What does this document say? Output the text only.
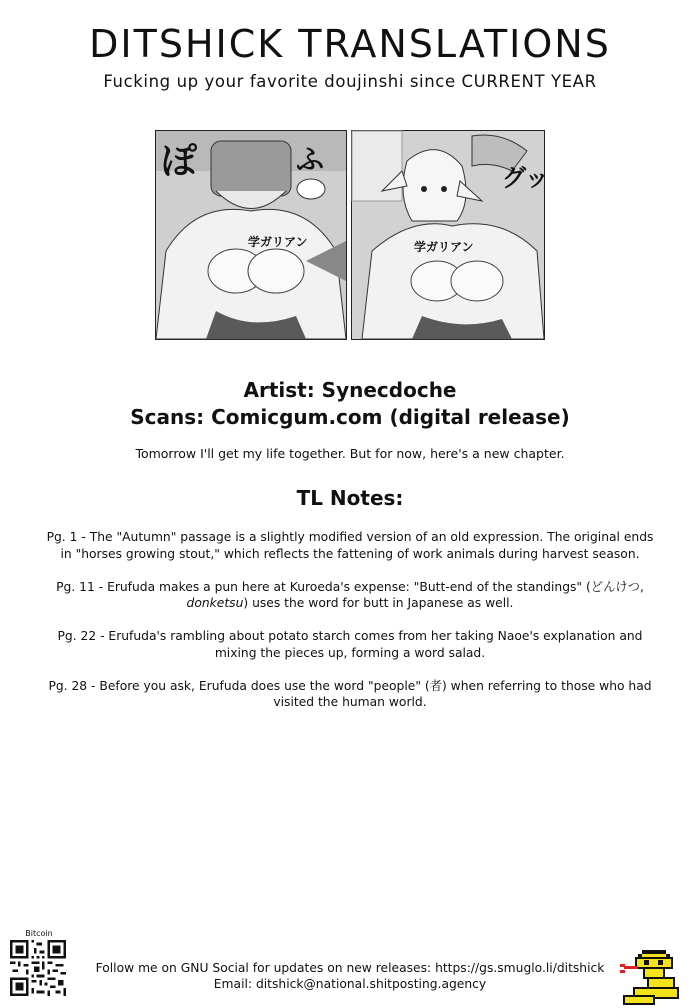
DITSHICK TRANSLATIONS
Fucking up your favorite doujinshi since CURRENT YEAR
学ガリアン
ぽ	ふ
学ガリアン
グッ
Artist: Synecdoche
Scans: Comicgum.com (digital release)
Tomorrow I'll get my life together. But for now, here's a new chapter.
TL Notes:

Pg. 1 - The "Autumn" passage is a slightly modified version of an old expression. The original ends in "horses growing stout," which reflects the fattening of work animals during harvest season.

Pg. 11 - Erufuda makes a pun here at Kuroeda's expense: "Butt-end of the standings" (どんけつ, donketsu) uses the word for butt in Japanese as well.

Pg. 22 - Erufuda's rambling about potato starch comes from her taking Naoe's explanation and mixing the pieces up, forming a word salad.

Pg. 28 - Before you ask, Erufuda does use the word "people" (者) when referring to those who had visited the human world.

Bitcoin
Follow me on GNU Social for updates on new releases: https://gs.smuglo.li/ditshick
Email: ditshick@national.shitposting.agency
